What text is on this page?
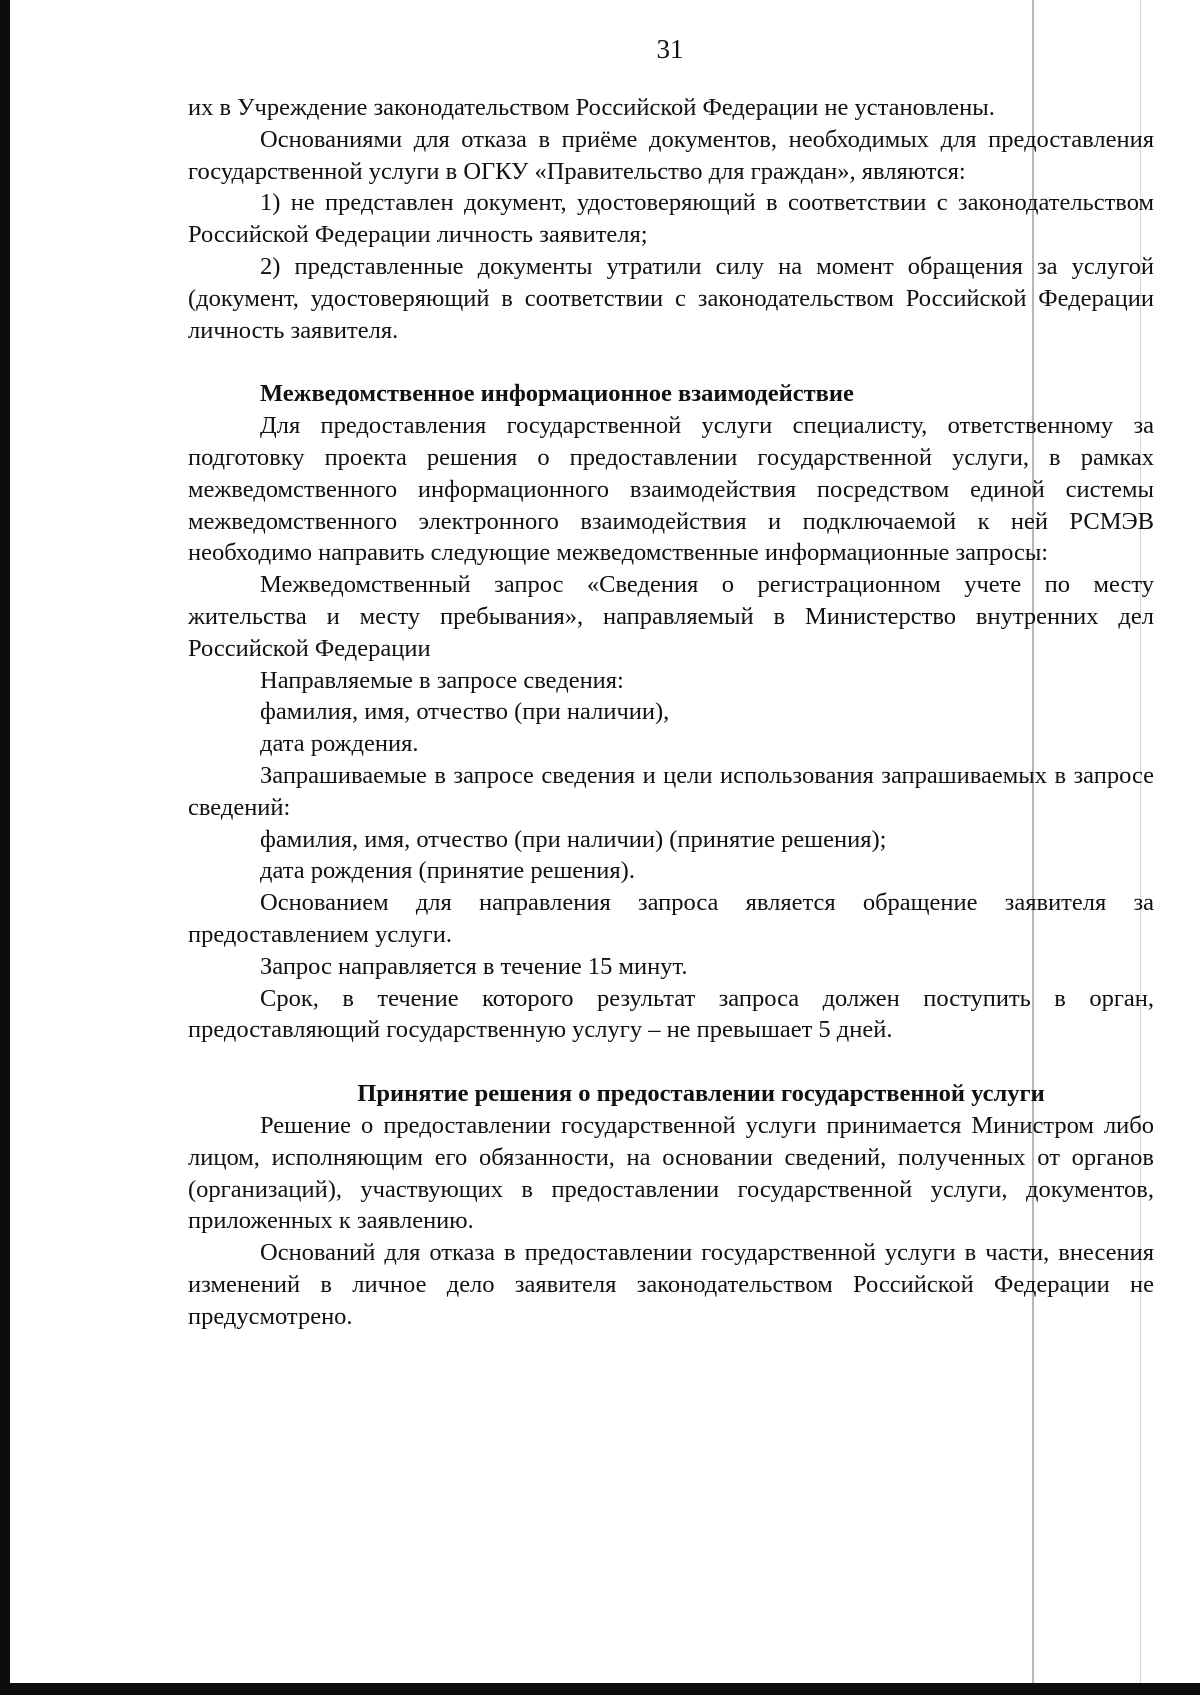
31

их в Учреждение законодательством Российской Федерации не установлены.

Основаниями для отказа в приёме документов, необходимых для предоставления государственной услуги в ОГКУ «Правительство для граждан», являются:

1) не представлен документ, удостоверяющий в соответствии с законодательством Российской Федерации личность заявителя;

2) представленные документы утратили силу на момент обращения за услугой (документ, удостоверяющий в соответствии с законодательством Российской Федерации личность заявителя.

Межведомственное информационное взаимодействие

Для предоставления государственной услуги специалисту, ответственному за подготовку проекта решения о предоставлении государственной услуги, в рамках межведомственного информационного взаимодействия посредством единой системы межведомственного электронного взаимодействия и подключаемой к ней РСМЭВ необходимо направить следующие межведомственные информационные запросы:

Межведомственный запрос «Сведения о регистрационном учете по месту жительства и месту пребывания», направляемый в Министерство внутренних дел Российской Федерации

Направляемые в запросе сведения:

фамилия, имя, отчество (при наличии),

дата рождения.

Запрашиваемые в запросе сведения и цели использования запрашиваемых в запросе сведений:

фамилия, имя, отчество (при наличии) (принятие решения);

дата рождения (принятие решения).

Основанием для направления запроса является обращение заявителя за предоставлением услуги.

Запрос направляется в течение 15 минут.

Срок, в течение которого результат запроса должен поступить в орган, предоставляющий государственную услугу – не превышает 5 дней.

Принятие решения о предоставлении государственной услуги

Решение о предоставлении государственной услуги принимается Министром либо лицом, исполняющим его обязанности, на основании сведений, полученных от органов (организаций), участвующих в предоставлении государственной услуги, документов, приложенных к заявлению.

Оснований для отказа в предоставлении государственной услуги в части, внесения изменений в личное дело заявителя законодательством Российской Федерации не предусмотрено.
